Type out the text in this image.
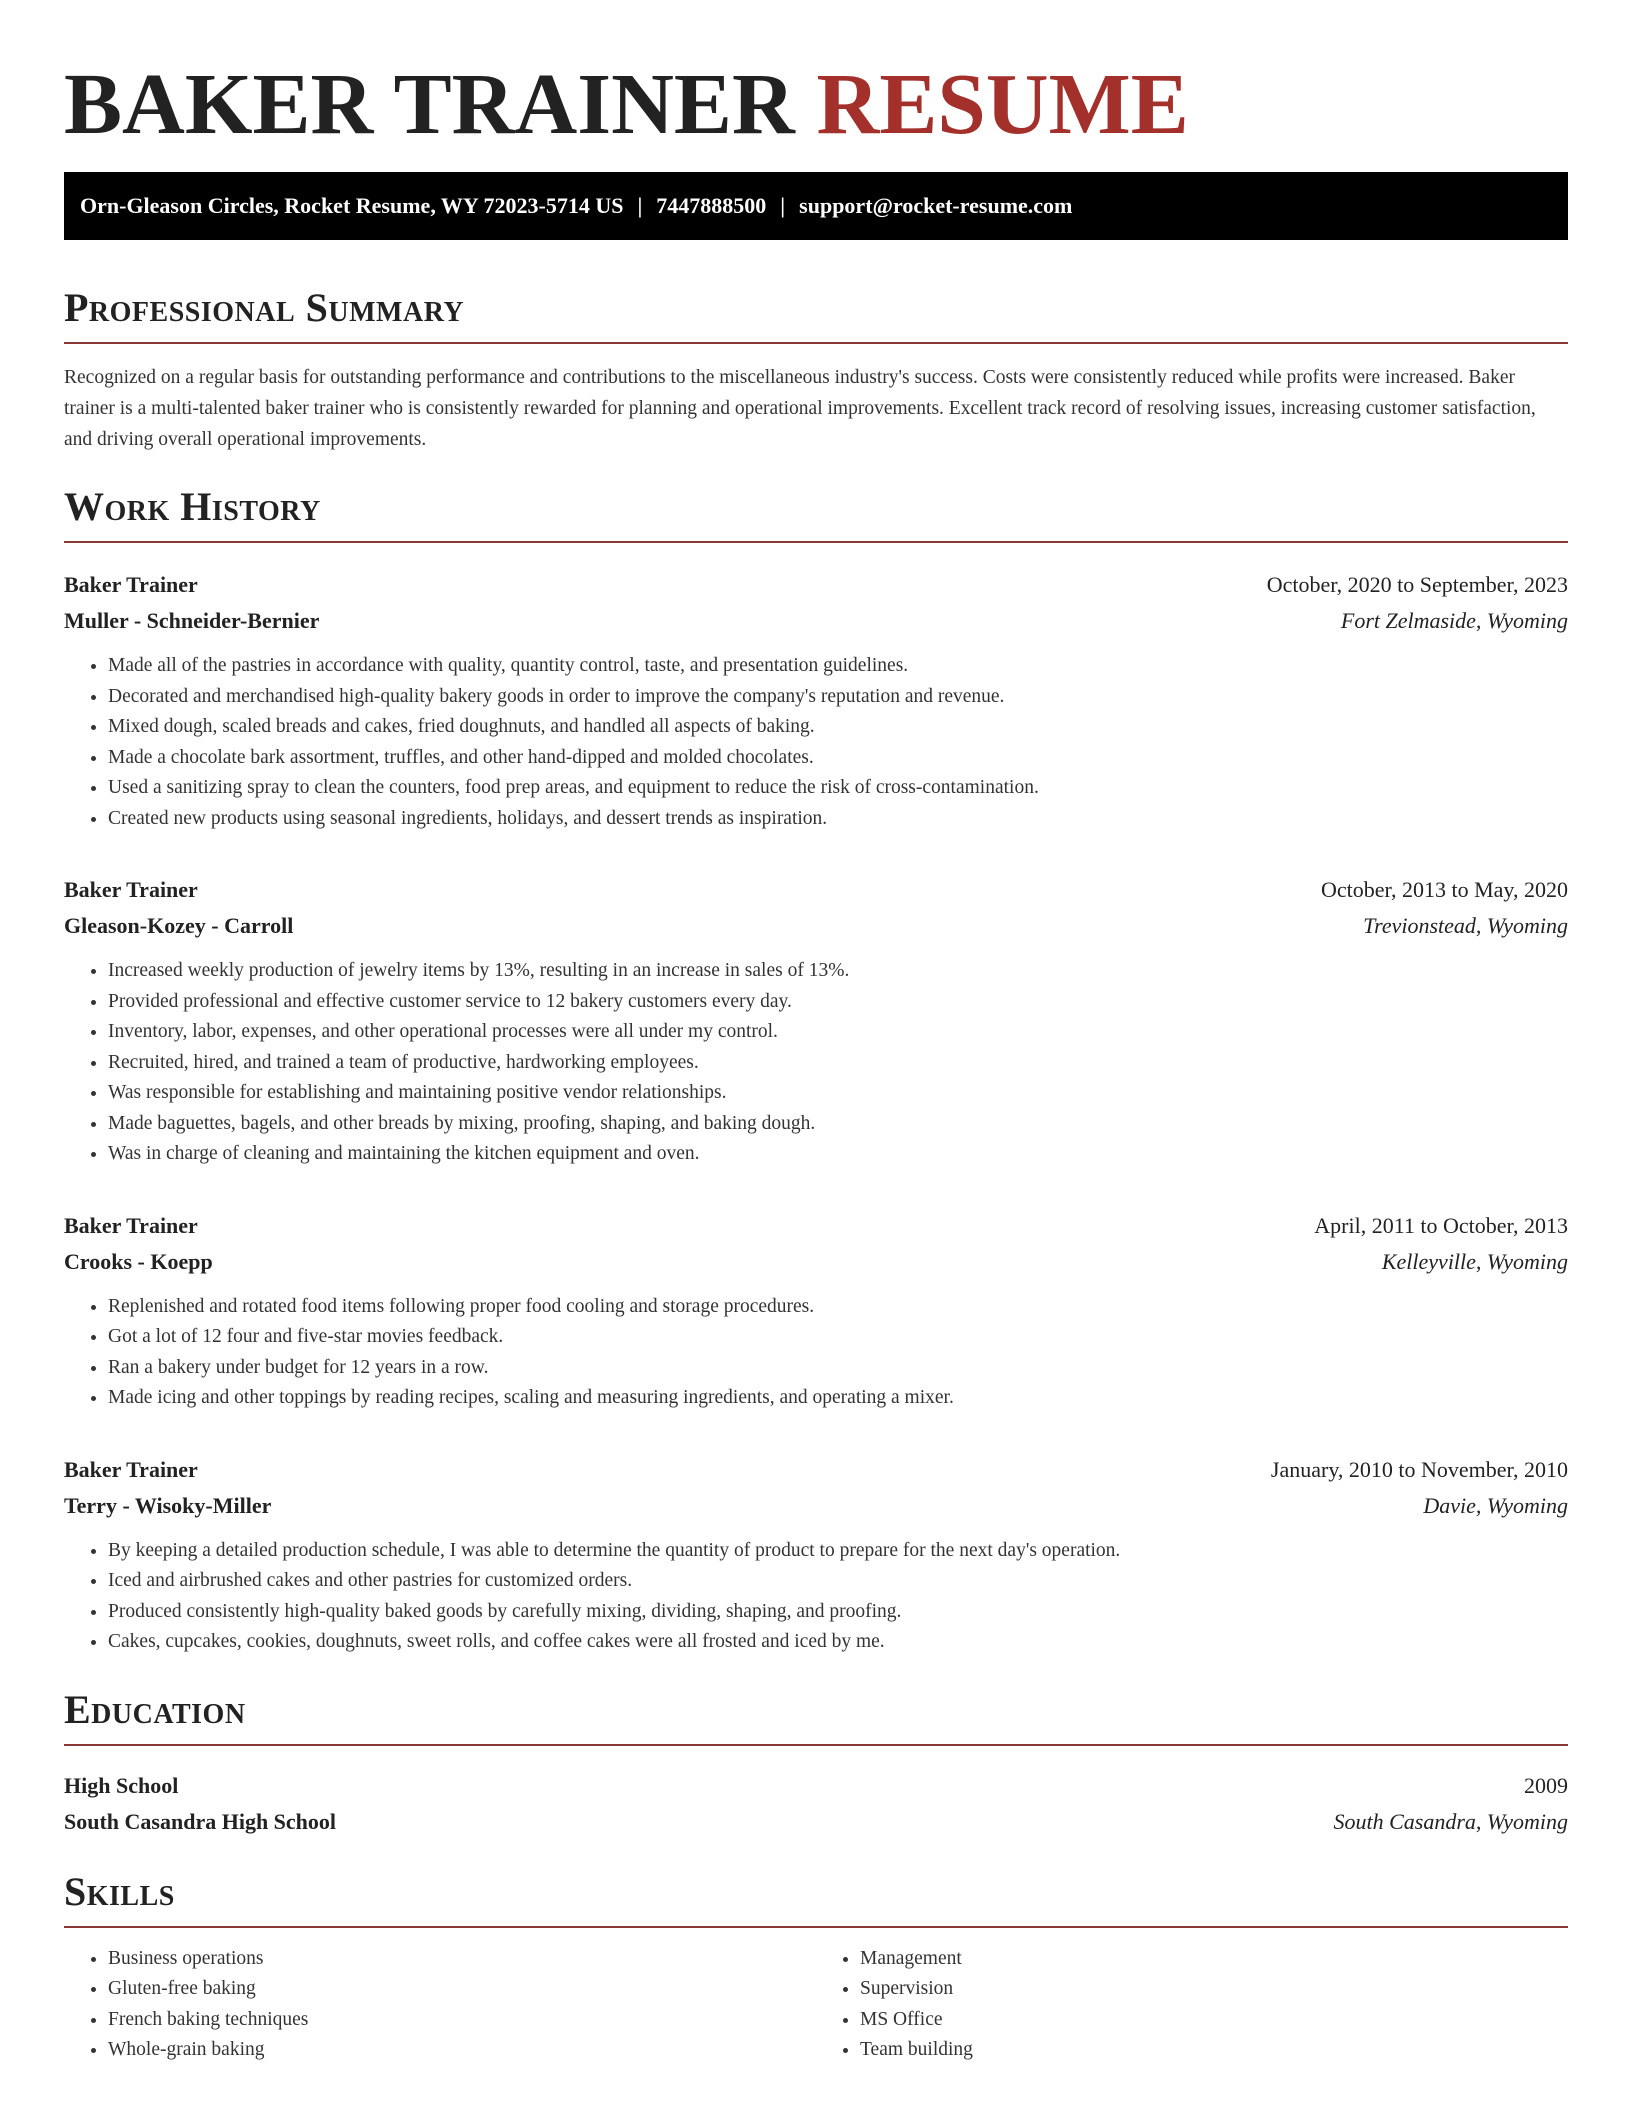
BAKER TRAINER RESUME
Orn-Gleason Circles, Rocket Resume, WY 72023-5714 US | 7447888500 | support@rocket-resume.com
Professional Summary

Recognized on a regular basis for outstanding performance and contributions to the miscellaneous industry's success. Costs were consistently reduced while profits were increased. Baker trainer is a multi-talented baker trainer who is consistently rewarded for planning and operational improvements. Excellent track record of resolving issues, increasing customer satisfaction, and driving overall operational improvements.

Work History
Baker Trainer	October, 2020 to September, 2023
Muller - Schneider-Bernier	Fort Zelmaside, Wyoming
• Made all of the pastries in accordance with quality, quantity control, taste, and presentation guidelines.
• Decorated and merchandised high-quality bakery goods in order to improve the company's reputation and revenue.
• Mixed dough, scaled breads and cakes, fried doughnuts, and handled all aspects of baking.
• Made a chocolate bark assortment, truffles, and other hand-dipped and molded chocolates.
• Used a sanitizing spray to clean the counters, food prep areas, and equipment to reduce the risk of cross-contamination.
• Created new products using seasonal ingredients, holidays, and dessert trends as inspiration.
Baker Trainer	October, 2013 to May, 2020
Gleason-Kozey - Carroll	Trevionstead, Wyoming
• Increased weekly production of jewelry items by 13%, resulting in an increase in sales of 13%.
• Provided professional and effective customer service to 12 bakery customers every day.
• Inventory, labor, expenses, and other operational processes were all under my control.
• Recruited, hired, and trained a team of productive, hardworking employees.
• Was responsible for establishing and maintaining positive vendor relationships.
• Made baguettes, bagels, and other breads by mixing, proofing, shaping, and baking dough.
• Was in charge of cleaning and maintaining the kitchen equipment and oven.
Baker Trainer	April, 2011 to October, 2013
Crooks - Koepp	Kelleyville, Wyoming
• Replenished and rotated food items following proper food cooling and storage procedures.
• Got a lot of 12 four and five-star movies feedback.
• Ran a bakery under budget for 12 years in a row.
• Made icing and other toppings by reading recipes, scaling and measuring ingredients, and operating a mixer.
Baker Trainer	January, 2010 to November, 2010
Terry - Wisoky-Miller	Davie, Wyoming
• By keeping a detailed production schedule, I was able to determine the quantity of product to prepare for the next day's operation.
• Iced and airbrushed cakes and other pastries for customized orders.
• Produced consistently high-quality baked goods by carefully mixing, dividing, shaping, and proofing.
• Cakes, cupcakes, cookies, doughnuts, sweet rolls, and coffee cakes were all frosted and iced by me.
Education
High School	2009
South Casandra High School	South Casandra, Wyoming
Skills
• Business operations
• Gluten-free baking
• French baking techniques
• Whole-grain baking
• Management
• Supervision
• MS Office
• Team building
